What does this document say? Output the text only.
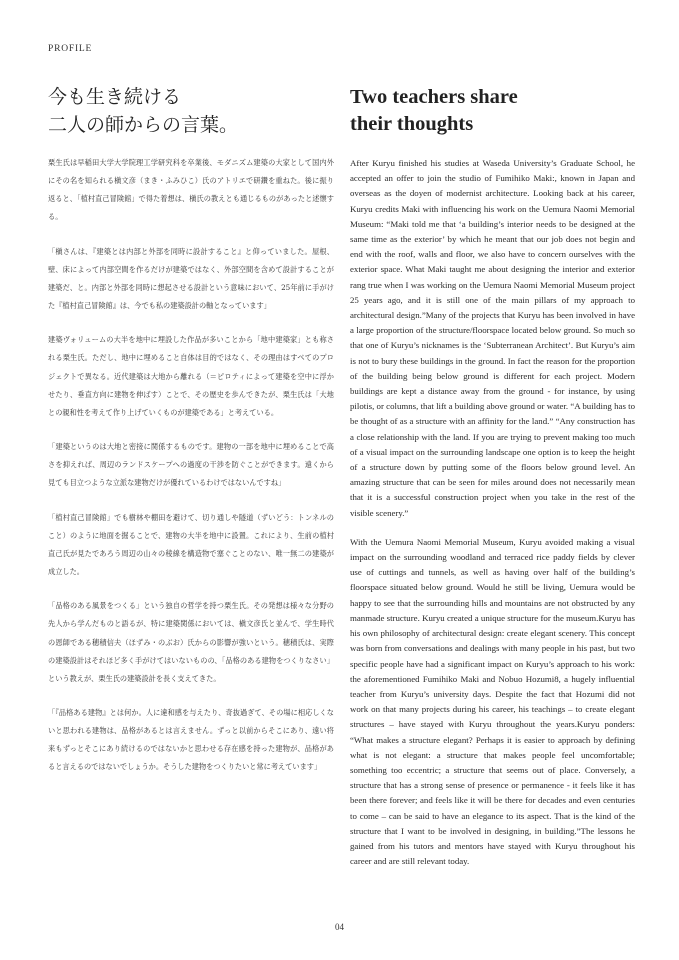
PROFILE
今も生き続ける
二人の師からの言葉。
Two teachers share
their thoughts

栗生氏は早稲田大学大学院理工学研究科を卒業後、モダニズム建築の大家として国内外にその名を知られる槇文彦（まき・ふみひこ）氏のアトリエで研鑽を重ねた。後に振り返ると、「植村直己冒険館」で得た着想は、槇氏の教えとも通じるものがあったと述懐する。

「槇さんは、『建築とは内部と外部を同時に設計すること』と仰っていました。屋根、壁、床によって内部空間を作るだけが建築ではなく、外部空間を含めて設計することが建築だ、と。内部と外部を同時に想起させる設計という意味において、25年前に手がけた『植村直己冒険館』は、今でも私の建築設計の軸となっています」

建築ヴォリュームの大半を地中に埋設した作品が多いことから「地中建築家」とも称される栗生氏。ただし、地中に埋めること自体は目的ではなく、その理由はすべてのプロジェクトで異なる。近代建築は大地から離れる（＝ピロティによって建築を空中に浮かせたり、垂直方向に建物を伸ばす）ことで、その歴史を歩んできたが、栗生氏は「大地との親和性を考えて作り上げていくものが建築である」と考えている。

「建築というのは大地と密接に関係するものです。建物の一部を地中に埋めることで高さを抑えれば、周辺のランドスケープへの過度の干渉を防ぐことができます。遠くから見ても目立つような立派な建物だけが優れているわけではないんですね」

「植村直己冒険館」でも樹林や棚田を避けて、切り通しや隧道（ずいどう：トンネルのこと）のように地面を掘ることで、建物の大半を地中に設置。これにより、生前の植村直己氏が見たであろう周辺の山々の稜線を構造物で塞ぐことのない、唯一無二の建築が成立した。

「品格のある風景をつくる」という独自の哲学を持つ栗生氏。その発想は様々な分野の先人から学んだものと語るが、特に建築関係においては、槇文彦氏と並んで、学生時代の恩師である穂積信夫（ほずみ・のぶお）氏からの影響が強いという。穂積氏は、実際の建築設計はそれほど多く手がけてはいないものの、「品格のある建物をつくりなさい」という教えが、栗生氏の建築設計を長く支えてきた。

「『品格ある建物』とは何か。人に違和感を与えたり、奇抜過ぎて、その場に相応しくないと思われる建物は、品格があるとは言えません。ずっと以前からそこにあり、遠い将来もずっとそこにあり続けるのではないかと思わせる存在感を持った建物が、品格があると言えるのではないでしょうか。そうした建物をつくりたいと常に考えています」

After Kuryu finished his studies at Waseda University’s Graduate School, he accepted an offer to join the studio of Fumihiko Maki:, known in Japan and overseas as the doyen of modernist architecture. Looking back at his career, Kuryu credits Maki with influencing his work on the Uemura Naomi Memorial Museum: “Maki told me that ‘a building’s interior needs to be designed at the same time as the exterior’ by which he meant that our job does not begin and end with the roof, walls and floor, we also have to concern ourselves with the exterior space. What Maki taught me about designing the interior and exterior rang true when I was working on the Uemura Naomi Memorial Museum project 25 years ago, and it is still one of the main pillars of my approach to architectural design.”Many of the projects that Kuryu has been involved in have a large proportion of the structure/floorspace located below ground. So much so that one of Kuryu’s nicknames is the ‘Subterranean Architect’. But Kuryu’s aim is not to bury these buildings in the ground. In fact the reason for the proportion of the building being below ground is different for each project. Modern buildings are kept a distance away from the ground - for instance, by using pilotis, or columns, that lift a building above ground or water. “A building has to be thought of as a structure with an affinity for the land.” “Any construction has a close relationship with the land. If you are trying to prevent making too much of a visual impact on the surrounding landscape one option is to keep the height of a structure down by putting some of the floors below ground level. An amazing structure that can be seen for miles around does not necessarily mean that it is a successful construction project when you take in the rest of the visible scenery.”

With the Uemura Naomi Memorial Museum, Kuryu avoided making a visual impact on the surrounding woodland and terraced rice paddy fields by clever use of cuttings and tunnels, as well as having over half of the building’s floorspace situated below ground. Would he still be living, Uemura would be happy to see that the surrounding hills and mountains are not obstructed by any manmade structure. Kuryu created a unique structure for the museum.Kuryu has his own philosophy of architectural design: create elegant scenery. This concept was born from conversations and dealings with many people in his past, but two specific people have had a significant impact on Kuryu’s approach to his work: the aforementioned Fumihiko Maki and Nobuo Hozumi8, a hugely influential teacher from Kuryu’s university days. Despite the fact that Hozumi did not work on that many projects during his career, his teachings – to create elegant structures – have stayed with Kuryu throughout the years.Kuryu ponders: “What makes a structure elegant? Perhaps it is easier to approach by defining what is not elegant: a structure that makes people feel uncomfortable; something too eccentric; a structure that seems out of place. Conversely, a structure that has a strong sense of presence or permanence - it feels like it has been there forever; and feels like it will be there for decades and even centuries to come – can be said to have an elegance to its aspect. That is the kind of the structure that I want to be involved in designing, in building.”The lessons he gained from his tutors and mentors have stayed with Kuryu throughout his career and are still relevant today.

04
